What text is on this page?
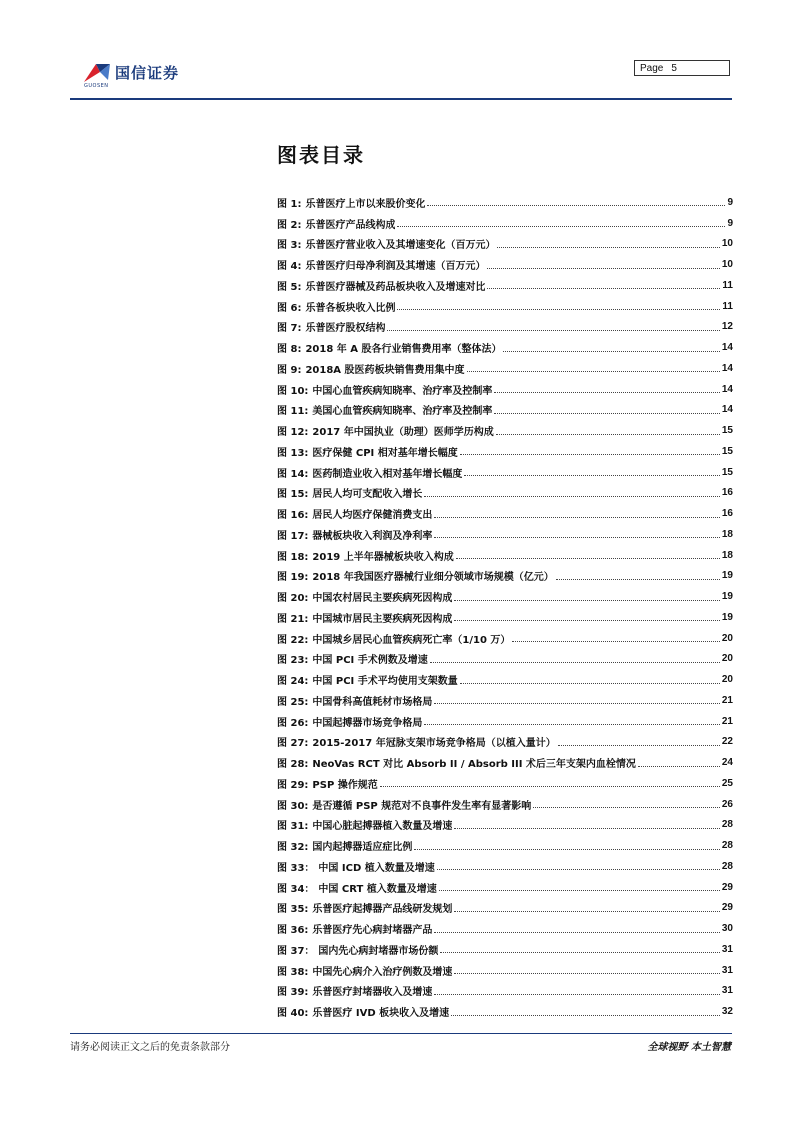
国信证券
GUOSEN
Page 5
图表目录
图 1: 乐普医疗上市以来股价变化	9
图 2: 乐普医疗产品线构成	9
图 3: 乐普医疗营业收入及其增速变化（百万元）	10
图 4: 乐普医疗归母净利润及其增速（百万元）	10
图 5: 乐普医疗器械及药品板块收入及增速对比	11
图 6: 乐普各板块收入比例	11
图 7: 乐普医疗股权结构	12
图 8: 2018 年 A 股各行业销售费用率（整体法）	14
图 9: 2018A 股医药板块销售费用集中度	14
图 10: 中国心血管疾病知晓率、治疗率及控制率	14
图 11: 美国心血管疾病知晓率、治疗率及控制率	14
图 12: 2017 年中国执业（助理）医师学历构成	15
图 13: 医疗保健 CPI 相对基年增长幅度	15
图 14: 医药制造业收入相对基年增长幅度	15
图 15: 居民人均可支配收入增长	16
图 16: 居民人均医疗保健消费支出	16
图 17: 器械板块收入利润及净利率	18
图 18: 2019 上半年器械板块收入构成	18
图 19: 2018 年我国医疗器械行业细分领域市场规模（亿元）	19
图 20: 中国农村居民主要疾病死因构成	19
图 21: 中国城市居民主要疾病死因构成	19
图 22: 中国城乡居民心血管疾病死亡率（1/10 万）	20
图 23: 中国 PCI 手术例数及增速	20
图 24: 中国 PCI 手术平均使用支架数量	20
图 25: 中国骨科高值耗材市场格局	21
图 26: 中国起搏器市场竞争格局	21
图 27: 2015-2017 年冠脉支架市场竞争格局（以植入量计）	22
图 28: NeoVas RCT 对比 Absorb II / Absorb III 术后三年支架内血栓情况	24
图 29: PSP 操作规范	25
图 30: 是否遵循 PSP 规范对不良事件发生率有显著影响	26
图 31: 中国心脏起搏器植入数量及增速	28
图 32: 国内起搏器适应症比例	28
图 33： 中国 ICD 植入数量及增速	28
图 34： 中国 CRT 植入数量及增速	29
图 35: 乐普医疗起搏器产品线研发规划	29
图 36: 乐普医疗先心病封堵器产品	30
图 37： 国内先心病封堵器市场份额	31
图 38: 中国先心病介入治疗例数及增速	31
图 39: 乐普医疗封堵器收入及增速	31
图 40: 乐普医疗 IVD 板块收入及增速	32
请务必阅读正文之后的免责条款部分	全球视野 本土智慧
